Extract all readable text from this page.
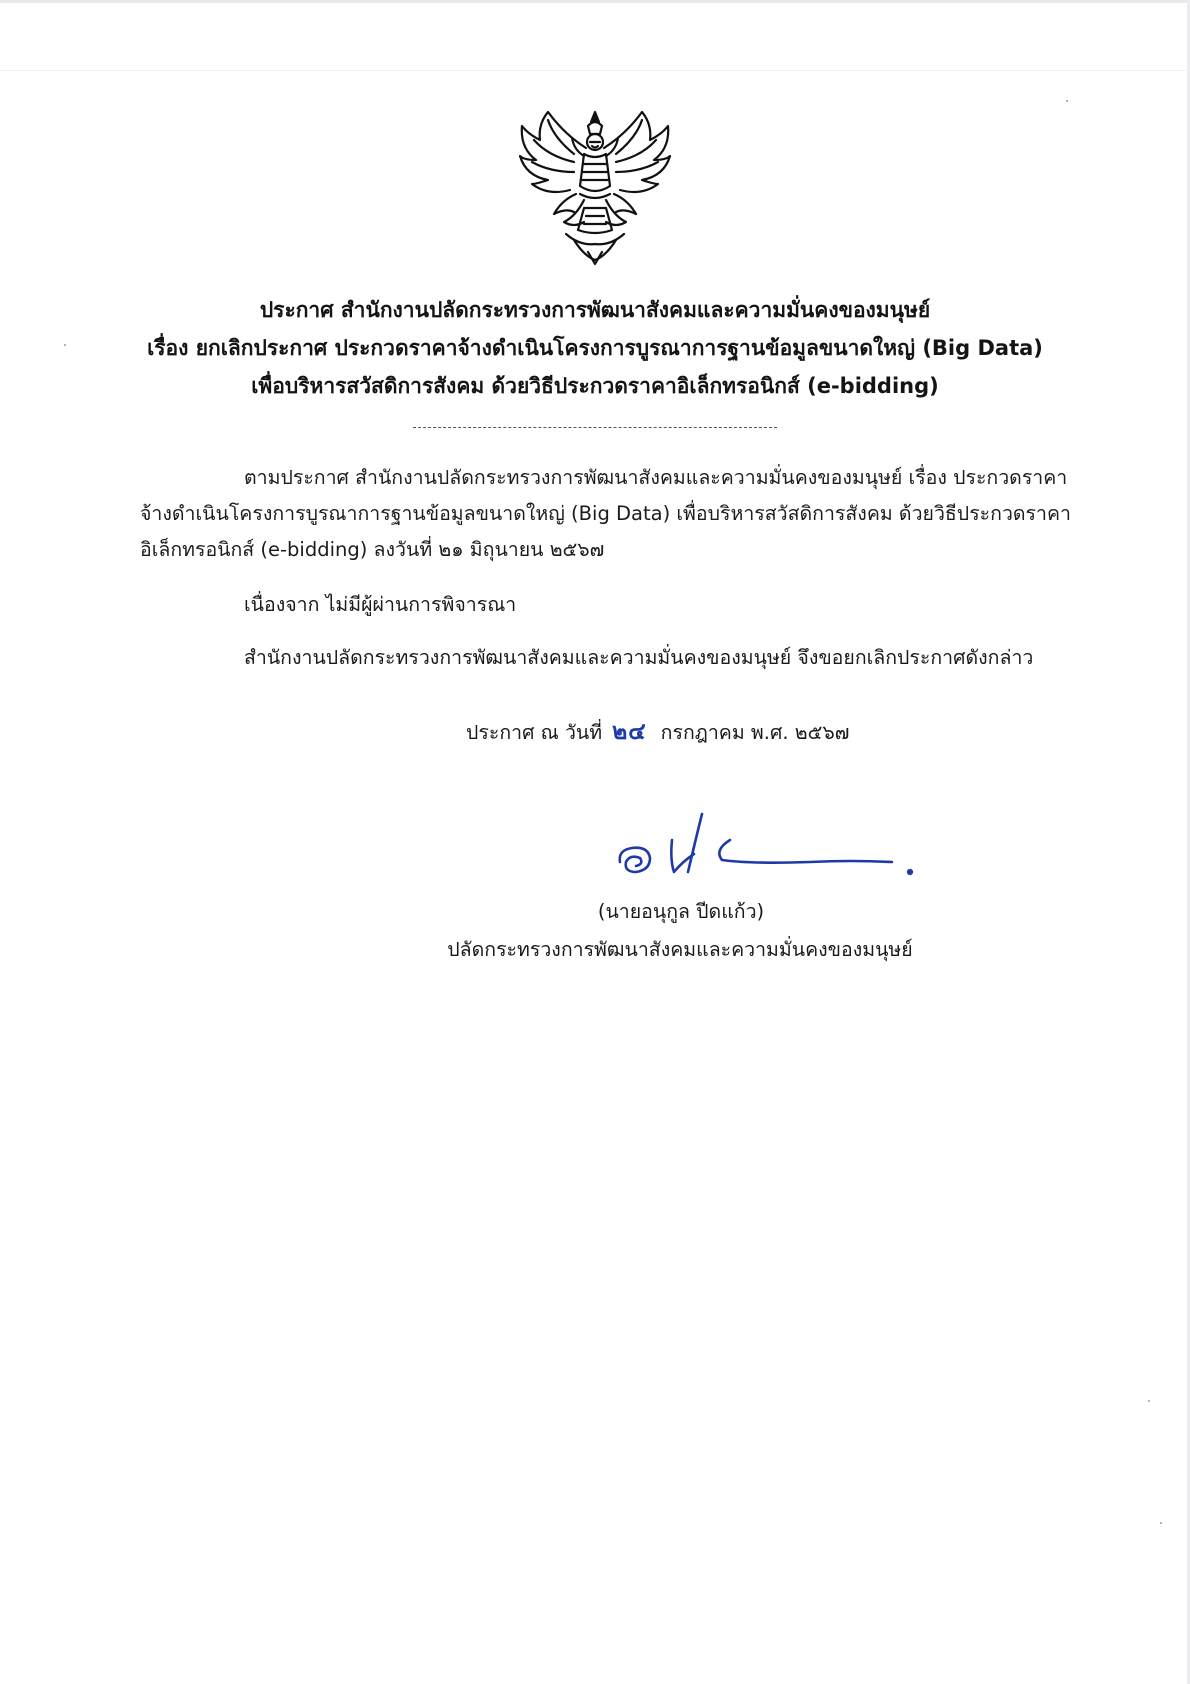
ประกาศ สำนักงานปลัดกระทรวงการพัฒนาสังคมและความมั่นคงของมนุษย์
เรื่อง ยกเลิกประกาศ ประกวดราคาจ้างดำเนินโครงการบูรณาการฐานข้อมูลขนาดใหญ่ (Big Data)
เพื่อบริหารสวัสดิการสังคม ด้วยวิธีประกวดราคาอิเล็กทรอนิกส์ (e-bidding)
ตามประกาศ สำนักงานปลัดกระทรวงการพัฒนาสังคมและความมั่นคงของมนุษย์ เรื่อง ประกวดราคา
จ้างดำเนินโครงการบูรณาการฐานข้อมูลขนาดใหญ่ (Big Data) เพื่อบริหารสวัสดิการสังคม ด้วยวิธีประกวดราคา
อิเล็กทรอนิกส์ (e-bidding) ลงวันที่ ๒๑ มิถุนายน ๒๕๖๗
เนื่องจาก ไม่มีผู้ผ่านการพิจารณา
สำนักงานปลัดกระทรวงการพัฒนาสังคมและความมั่นคงของมนุษย์ จึงขอยกเลิกประกาศดังกล่าว
ประกาศ ณ วันที่ ๒๔ กรกฎาคม พ.ศ. ๒๕๖๗
(นายอนุกูล ปีดแก้ว)
ปลัดกระทรวงการพัฒนาสังคมและความมั่นคงของมนุษย์
